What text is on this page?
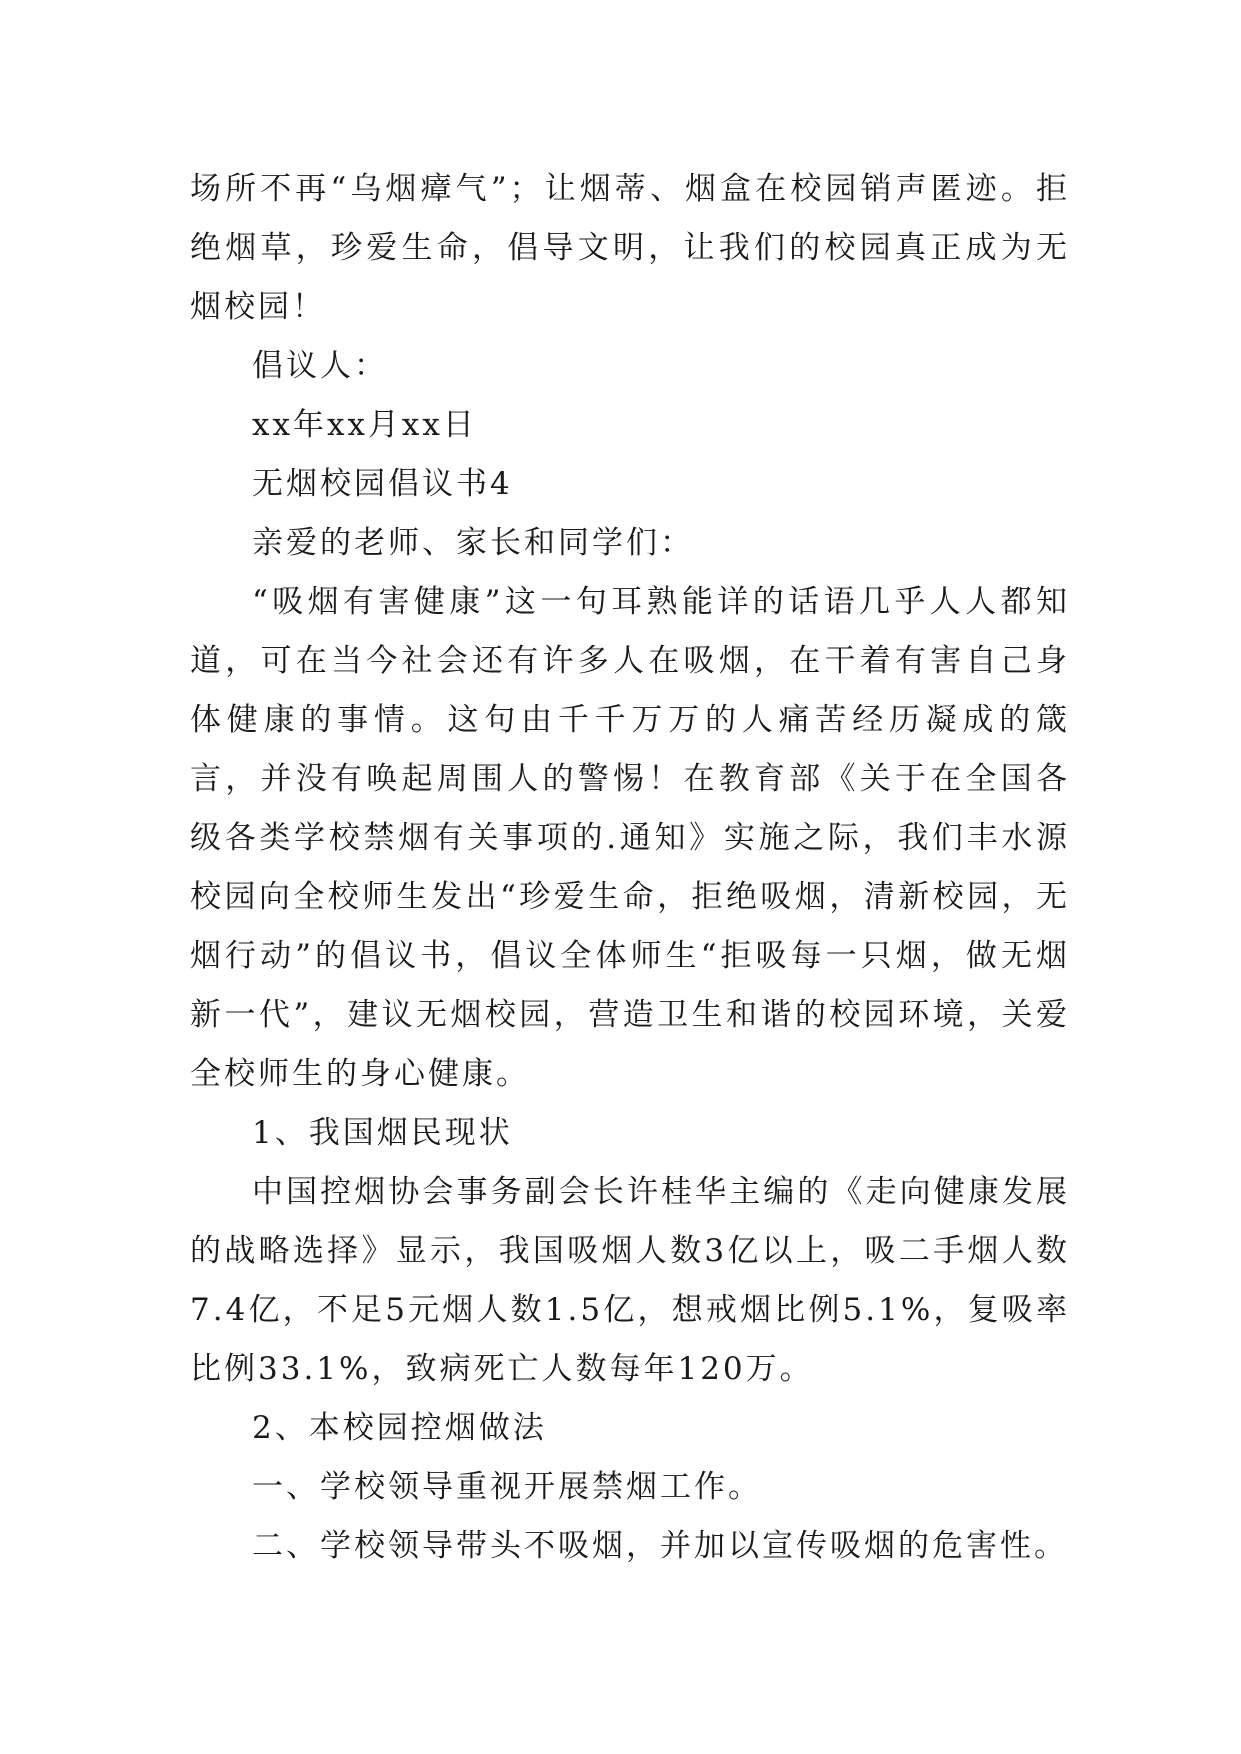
场所不再“乌烟瘴气”；让烟蒂、烟盒在校园销声匿迹。拒绝烟草，珍爱生命，倡导文明，让我们的校园真正成为无烟校园！

倡议人：

xx年xx月xx日

无烟校园倡议书4

亲爱的老师、家长和同学们：

“吸烟有害健康”这一句耳熟能详的话语几乎人人都知道，可在当今社会还有许多人在吸烟，在干着有害自己身体健康的事情。这句由千千万万的人痛苦经历凝成的箴言，并没有唤起周围人的警惕！在教育部《关于在全国各级各类学校禁烟有关事项的.通知》实施之际，我们丰水源校园向全校师生发出“珍爱生命，拒绝吸烟，清新校园，无烟行动”的倡议书，倡议全体师生“拒吸每一只烟，做无烟新一代”，建议无烟校园，营造卫生和谐的校园环境，关爱全校师生的身心健康。

1、我国烟民现状

中国控烟协会事务副会长许桂华主编的《走向健康发展的战略选择》显示，我国吸烟人数3亿以上，吸二手烟人数7.4亿，不足5元烟人数1.5亿，想戒烟比例5.1%，复吸率比例33.1%，致病死亡人数每年120万。

2、本校园控烟做法

一、学校领导重视开展禁烟工作。

二、学校领导带头不吸烟，并加以宣传吸烟的危害性。
